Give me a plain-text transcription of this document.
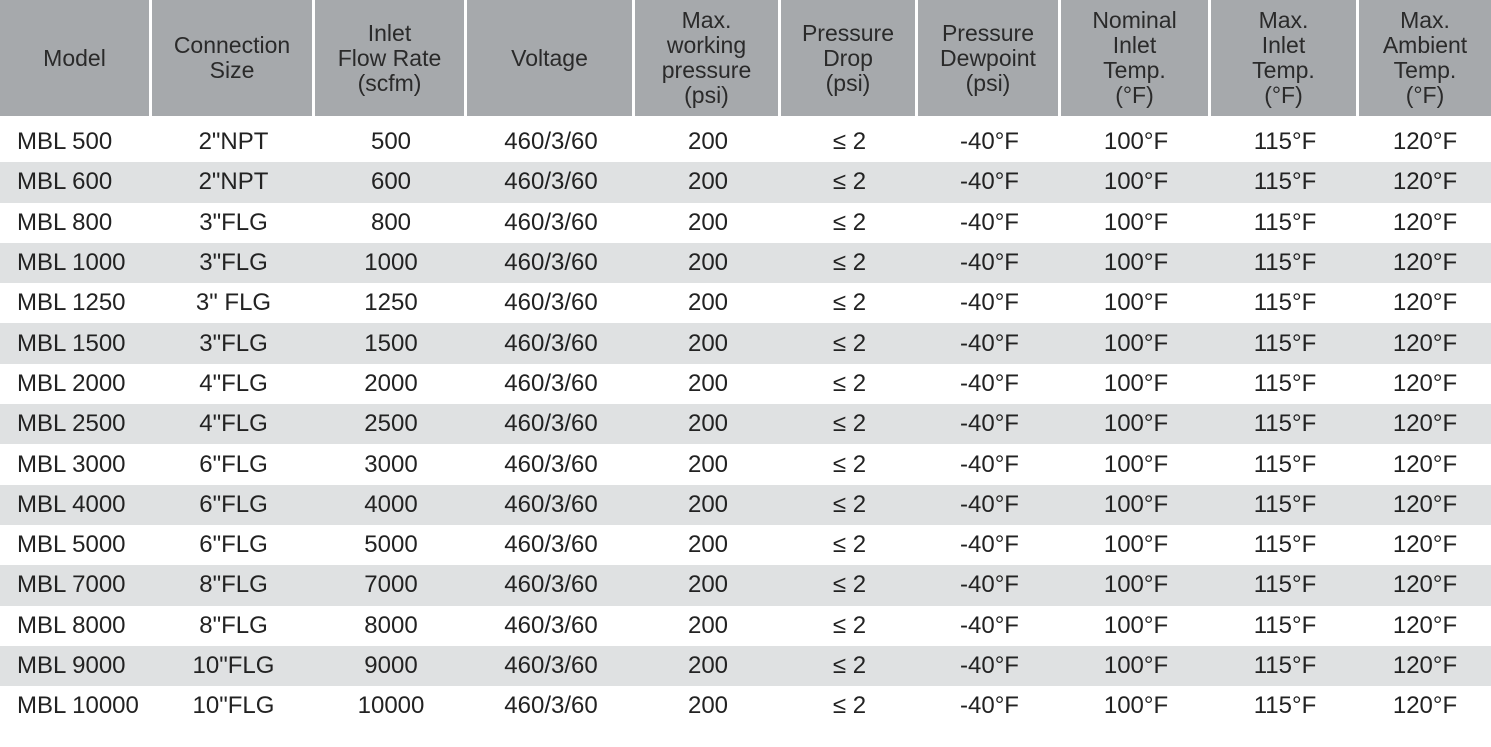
Model	Connection
Size	Inlet
Flow Rate
(scfm)	Voltage	Max.
working
pressure
(psi)	Pressure
Drop
(psi)	Pressure
Dewpoint
(psi)	Nominal
Inlet
Temp.
(°F)	Max.
Inlet
Temp.
(°F)	Max.
Ambient
Temp.
(°F)
MBL 500	2"NPT	500	460/3/60	200	≤ 2	-40°F	100°F	115°F	120°F
MBL 600	2"NPT	600	460/3/60	200	≤ 2	-40°F	100°F	115°F	120°F
MBL 800	3"FLG	800	460/3/60	200	≤ 2	-40°F	100°F	115°F	120°F
MBL 1000	3"FLG	1000	460/3/60	200	≤ 2	-40°F	100°F	115°F	120°F
MBL 1250	3" FLG	1250	460/3/60	200	≤ 2	-40°F	100°F	115°F	120°F
MBL 1500	3"FLG	1500	460/3/60	200	≤ 2	-40°F	100°F	115°F	120°F
MBL 2000	4"FLG	2000	460/3/60	200	≤ 2	-40°F	100°F	115°F	120°F
MBL 2500	4"FLG	2500	460/3/60	200	≤ 2	-40°F	100°F	115°F	120°F
MBL 3000	6"FLG	3000	460/3/60	200	≤ 2	-40°F	100°F	115°F	120°F
MBL 4000	6"FLG	4000	460/3/60	200	≤ 2	-40°F	100°F	115°F	120°F
MBL 5000	6"FLG	5000	460/3/60	200	≤ 2	-40°F	100°F	115°F	120°F
MBL 7000	8"FLG	7000	460/3/60	200	≤ 2	-40°F	100°F	115°F	120°F
MBL 8000	8"FLG	8000	460/3/60	200	≤ 2	-40°F	100°F	115°F	120°F
MBL 9000	10"FLG	9000	460/3/60	200	≤ 2	-40°F	100°F	115°F	120°F
MBL 10000	10"FLG	10000	460/3/60	200	≤ 2	-40°F	100°F	115°F	120°F
